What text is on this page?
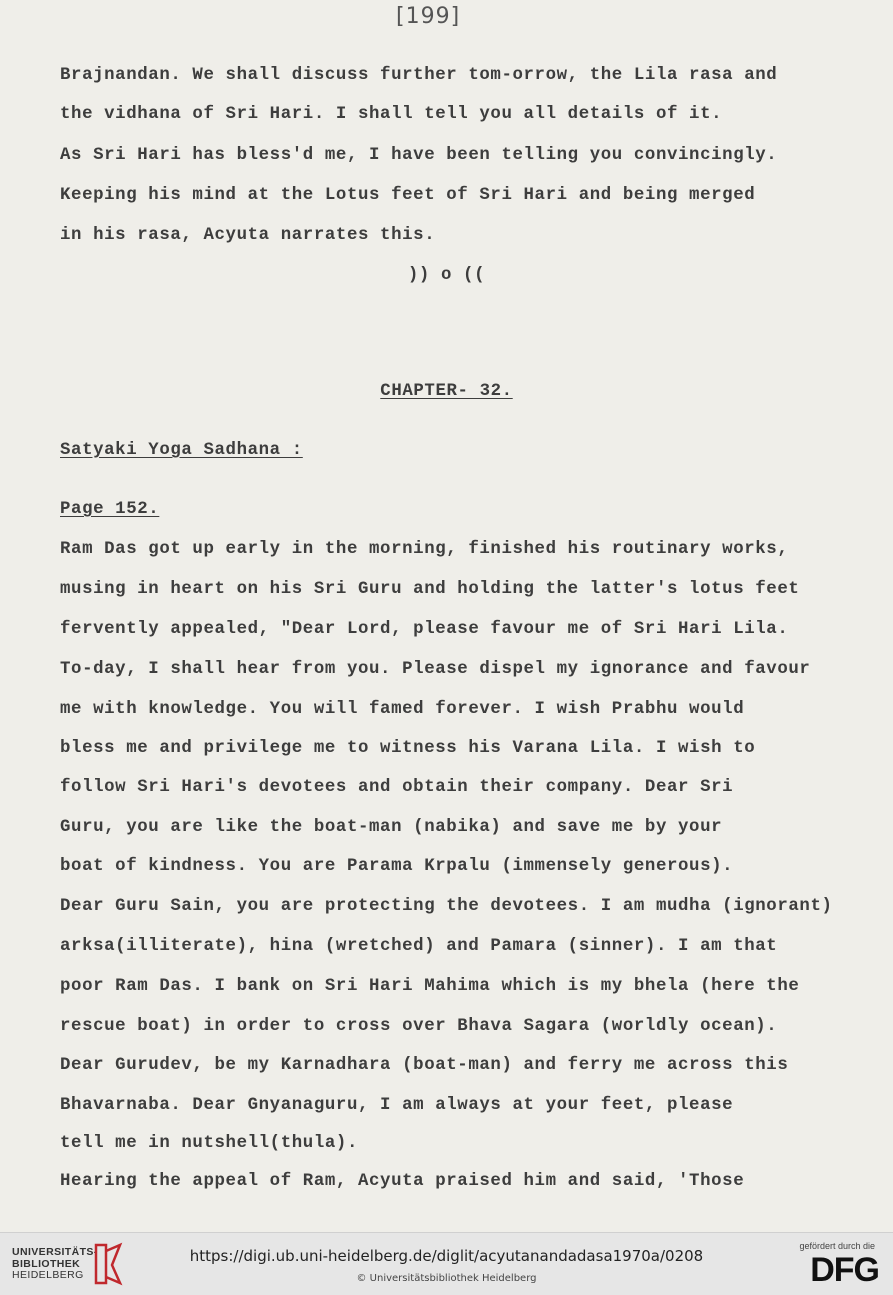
[199]
Brajnandan. We shall discuss further tom-orrow, the Lila rasa and
the vidhana of Sri Hari. I shall tell you all details of it.
As Sri Hari has bless'd me, I have been telling you convincingly.
Keeping his mind at the Lotus feet of Sri Hari and being merged
in his rasa, Acyuta narrates this.
)) o ((
CHAPTER- 32.
Satyaki Yoga Sadhana :
Page 152.
Ram Das got up early in the morning, finished his routinary works,
musing in heart on his Sri Guru and holding the latter's lotus feet
fervently appealed, "Dear Lord, please favour me of Sri Hari Lila.
To-day, I shall hear from you. Please dispel my ignorance and favour
me with knowledge. You will famed forever. I wish Prabhu would
bless me and privilege me to witness his Varana Lila. I wish to
follow Sri Hari's devotees and obtain their company. Dear Sri
Guru, you are like the boat-man (nabika) and save me by your
boat of kindness. You are Parama Krpalu (immensely generous).
Dear Guru Sain, you are protecting the devotees. I am mudha (ignorant)
arksa(illiterate), hina (wretched) and Pamara (sinner). I am that
poor Ram Das. I bank on Sri Hari Mahima which is my bhela (here the
rescue boat) in order to cross over Bhava Sagara (worldly ocean).
Dear Gurudev, be my Karnadhara (boat-man) and ferry me across this
Bhavarnaba. Dear Gnyanaguru, I am always at your feet, please
tell me in nutshell(thula).
Hearing the appeal of Ram, Acyuta praised him and said, 'Those
UNIVERSITÄTS-
BIBLIOTHEK
HEIDELBERG
https://digi.ub.uni-heidelberg.de/diglit/acyutanandadasa1970a/0208
© Universitätsbibliothek Heidelberg
gefördert durch die
DFG
